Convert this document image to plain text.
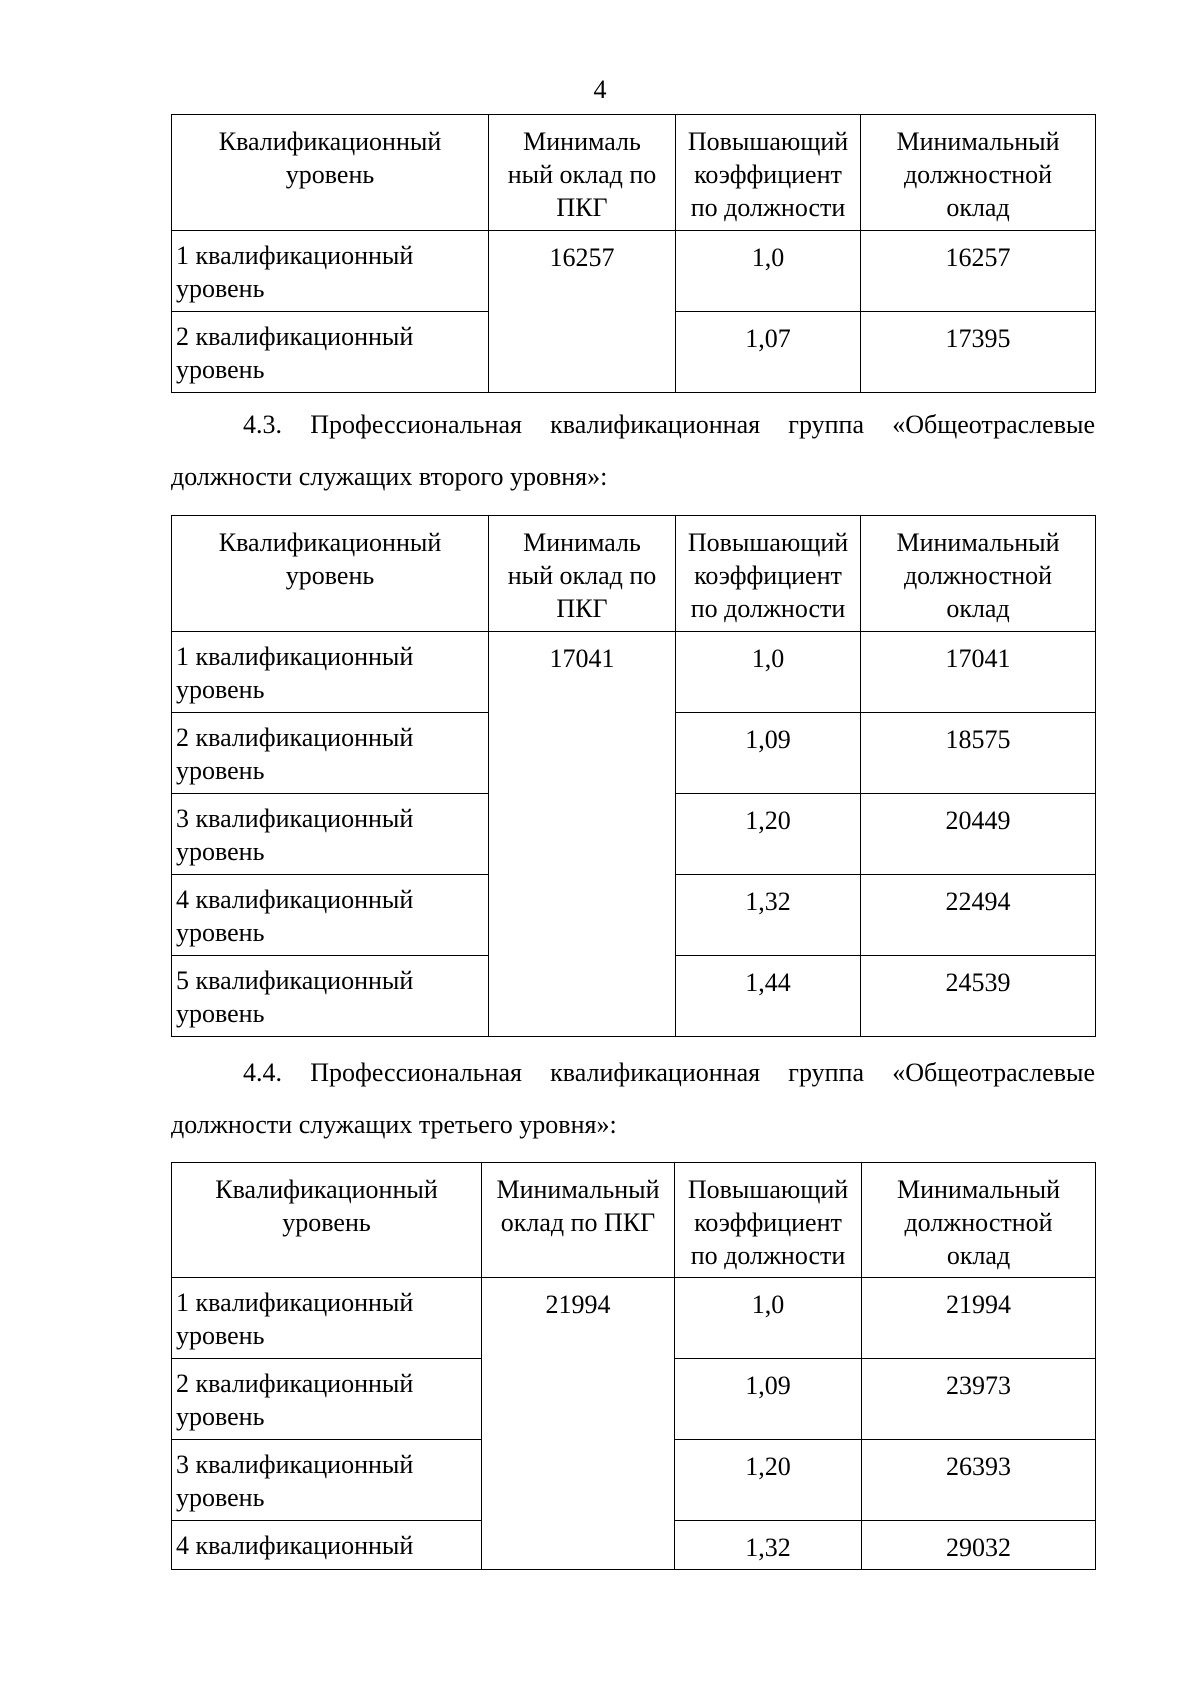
4
Квалификационный
уровень	Минималь
ный оклад по
ПКГ	Повышающий
коэффициент
по должности	Минимальный
должностной
оклад

1 квалификационный
уровень	16257	1,0	16257
2 квалификационный
уровень		1,07	17395
4.3. Профессиональная квалификационная группа «Общеотраслевые
должности служащих второго уровня»:
Квалификационный
уровень	Минималь
ный оклад по
ПКГ	Повышающий
коэффициент
по должности	Минимальный
должностной
оклад

1 квалификационный
уровень	17041	1,0	17041
2 квалификационный
уровень		1,09	18575
3 квалификационный
уровень		1,20	20449
4 квалификационный
уровень		1,32	22494
5 квалификационный
уровень		1,44	24539
4.4. Профессиональная квалификационная группа «Общеотраслевые
должности служащих третьего уровня»:
Квалификационный
уровень	Минимальный
оклад по ПКГ	Повышающий
коэффициент
по должности	Минимальный
должностной
оклад

1 квалификационный
уровень	21994	1,0	21994
2 квалификационный
уровень		1,09	23973
3 квалификационный
уровень		1,20	26393
4 квалификационный		1,32	29032
